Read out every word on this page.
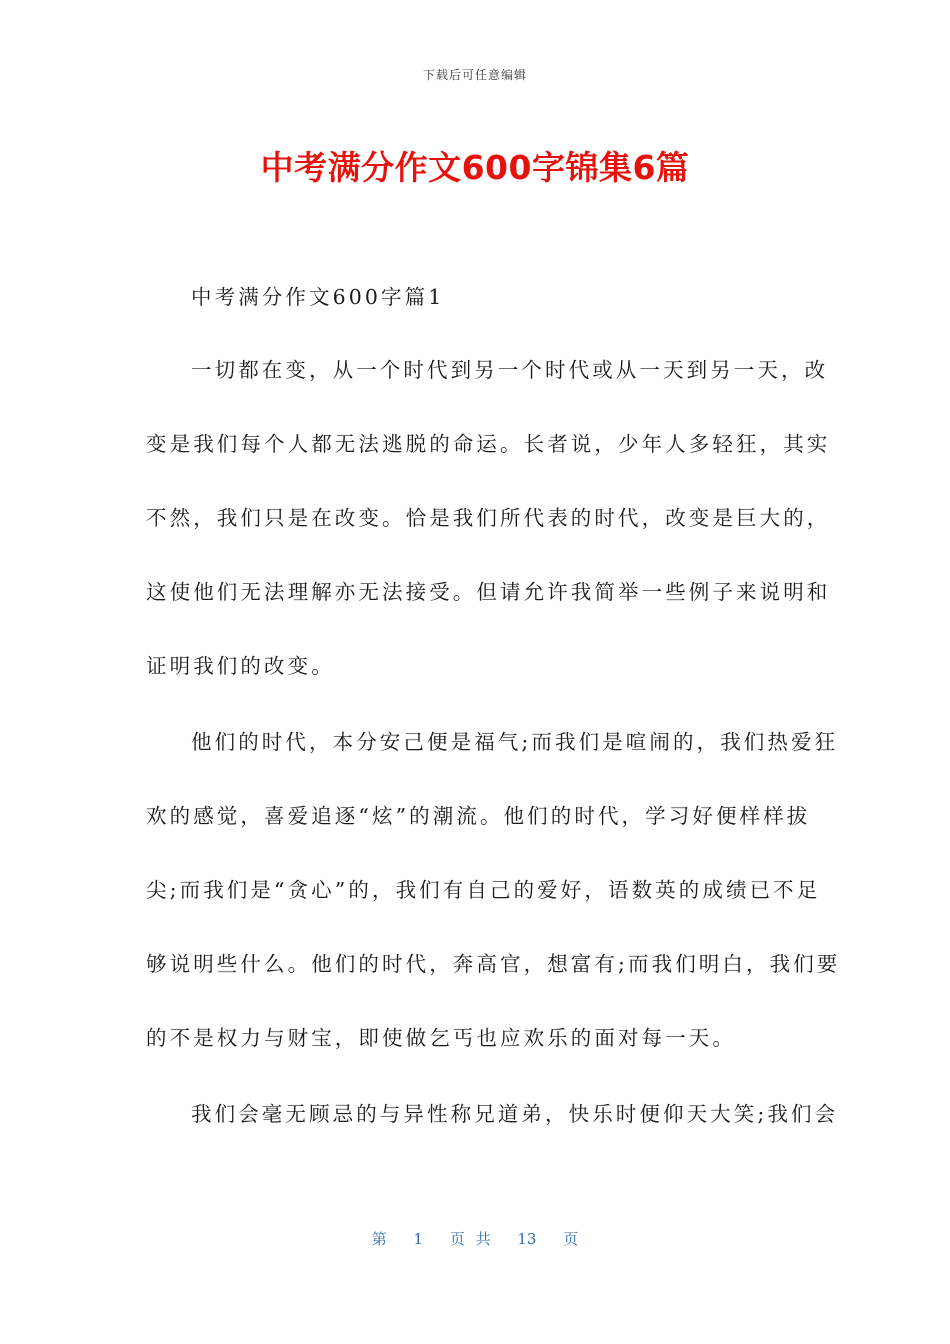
下载后可任意编辑
中考满分作文600字锦集6篇
中考满分作文600字篇1
一切都在变，从一个时代到另一个时代或从一天到另一天，改
变是我们每个人都无法逃脱的命运。长者说，少年人多轻狂，其实
不然，我们只是在改变。恰是我们所代表的时代，改变是巨大的，
这使他们无法理解亦无法接受。但请允许我简举一些例子来说明和
证明我们的改变。
他们的时代，本分安己便是福气;而我们是喧闹的，我们热爱狂
欢的感觉，喜爱追逐“炫”的潮流。他们的时代，学习好便样样拔
尖;而我们是“贪心”的，我们有自己的爱好，语数英的成绩已不足
够说明些什么。他们的时代，奔高官，想富有;而我们明白，我们要
的不是权力与财宝，即使做乞丐也应欢乐的面对每一天。
我们会毫无顾忌的与异性称兄道弟，快乐时便仰天大笑;我们会
第 1 页 共 13 页
